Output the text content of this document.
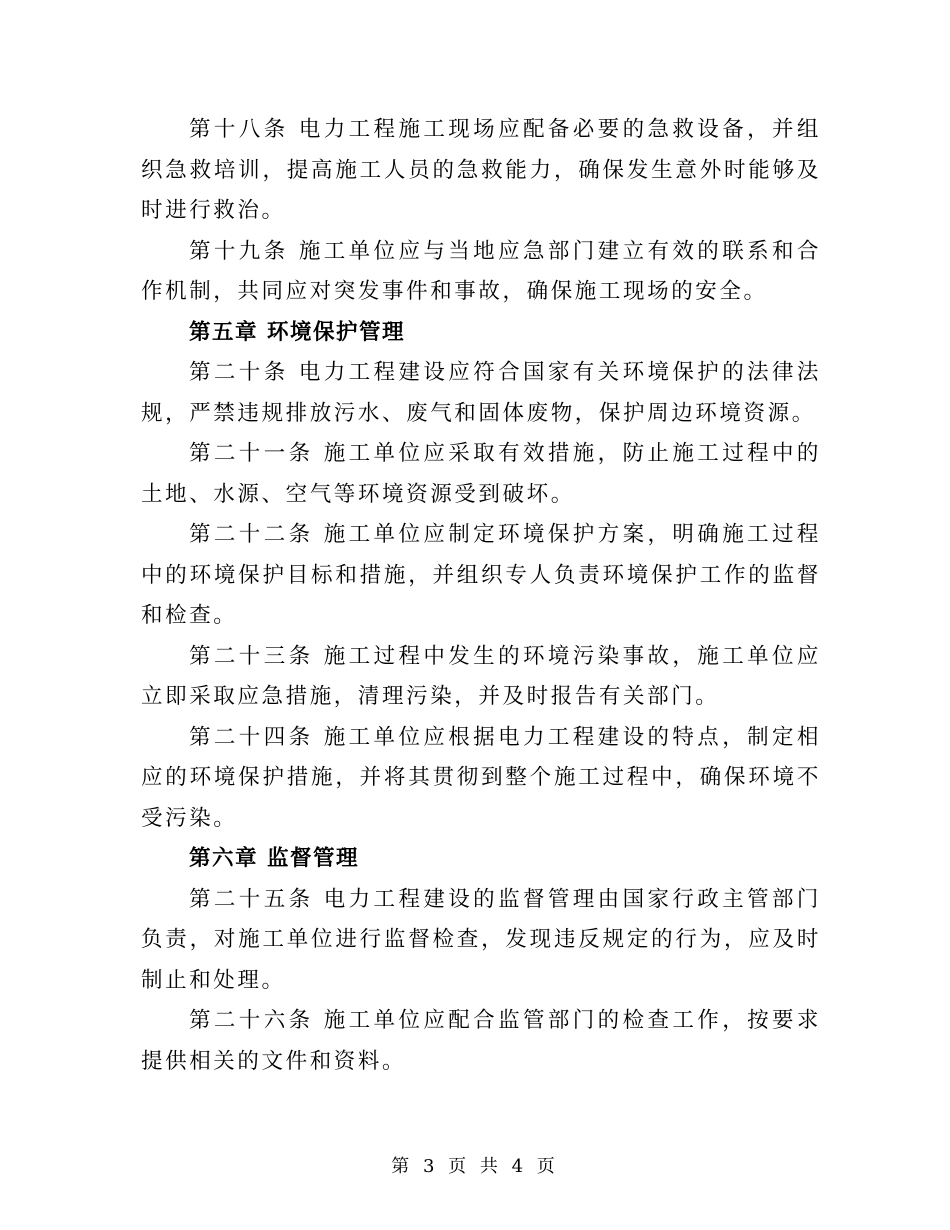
第十八条 电力工程施工现场应配备必要的急救设备，并组织急救培训，提高施工人员的急救能力，确保发生意外时能够及时进行救治。

第十九条 施工单位应与当地应急部门建立有效的联系和合作机制，共同应对突发事件和事故，确保施工现场的安全。

第五章 环境保护管理

第二十条 电力工程建设应符合国家有关环境保护的法律法规，严禁违规排放污水、废气和固体废物，保护周边环境资源。

第二十一条 施工单位应采取有效措施，防止施工过程中的土地、水源、空气等环境资源受到破坏。

第二十二条 施工单位应制定环境保护方案，明确施工过程中的环境保护目标和措施，并组织专人负责环境保护工作的监督和检查。

第二十三条 施工过程中发生的环境污染事故，施工单位应立即采取应急措施，清理污染，并及时报告有关部门。

第二十四条 施工单位应根据电力工程建设的特点，制定相应的环境保护措施，并将其贯彻到整个施工过程中，确保环境不受污染。

第六章 监督管理

第二十五条 电力工程建设的监督管理由国家行政主管部门负责，对施工单位进行监督检查，发现违反规定的行为，应及时制止和处理。

第二十六条 施工单位应配合监管部门的检查工作，按要求提供相关的文件和资料。

第 3 页 共 4 页
